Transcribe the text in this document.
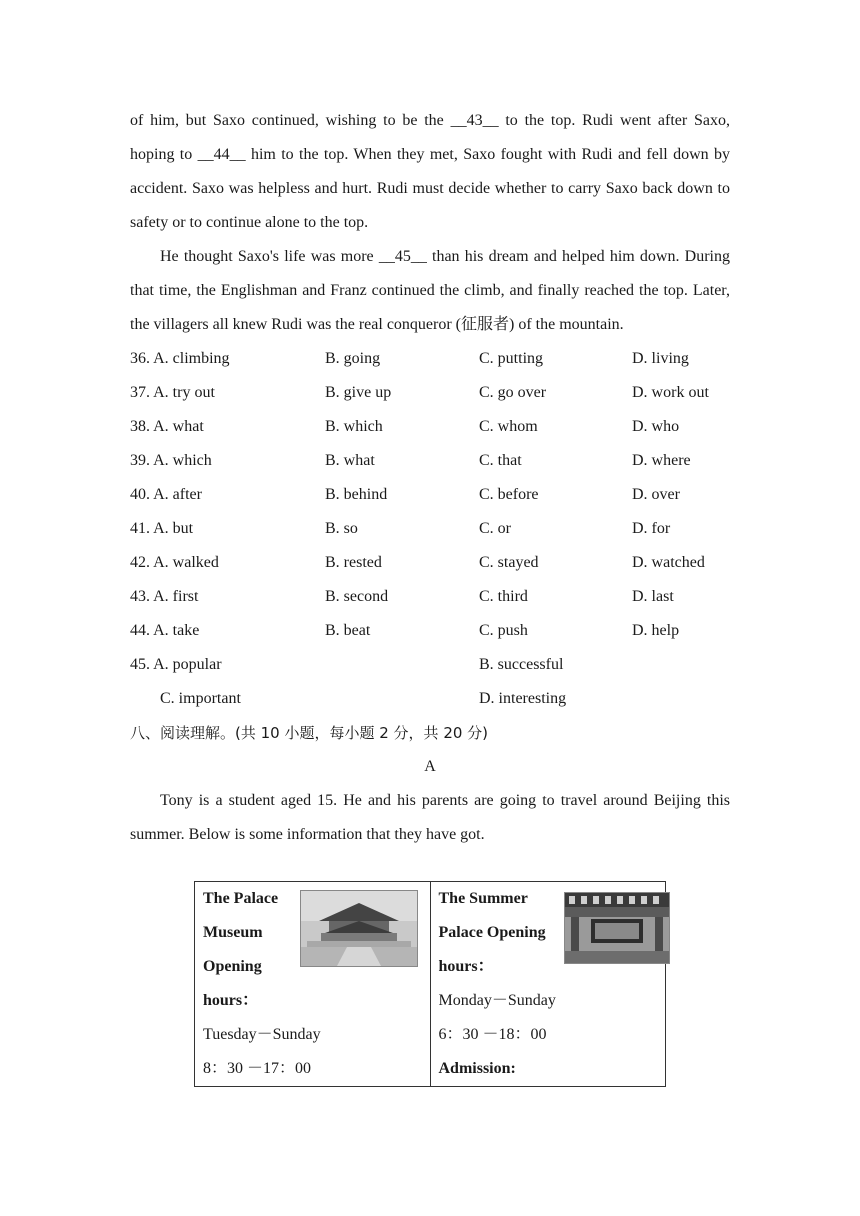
of him, but Saxo continued, wishing to be the __43__ to the top. Rudi went after Saxo, hoping to __44__ him to the top. When they met, Saxo fought with Rudi and fell down by accident. Saxo was helpless and hurt. Rudi must decide whether to carry Saxo back down to safety or to continue alone to the top.

He thought Saxo's life was more __45__ than his dream and helped him down. During that time, the Englishman and Franz continued the climb, and finally reached the top. Later, the villagers all knew Rudi was the real conqueror (征服者) of the mountain.

36. A. climbing	B. going	C. putting	D. living
37. A. try out	B. give up	C. go over	D. work out
38. A. what	B. which	C. whom	D. who
39. A. which	B. what	C. that	D. where
40. A. after	B. behind	C. before	D. over
41. A. but	B. so	C. or	D. for
42. A. walked	B. rested	C. stayed	D. watched
43. A. first	B. second	C. third	D. last
44. A. take	B. beat	C. push	D. help
45. A. popular	B. successful
C. important	D. interesting
八、阅读理解。(共 10 小题，每小题 2 分，共 20 分)
A

Tony is a student aged 15. He and his parents are going to travel around Beijing this summer. Below is some information that they have got.

The Palace
Museum
Opening
hours：
Tuesday－Sunday
8：30 －17：00

The Summer
Palace Opening
hours：
Monday－Sunday
6：30 －18：00
Admission:
